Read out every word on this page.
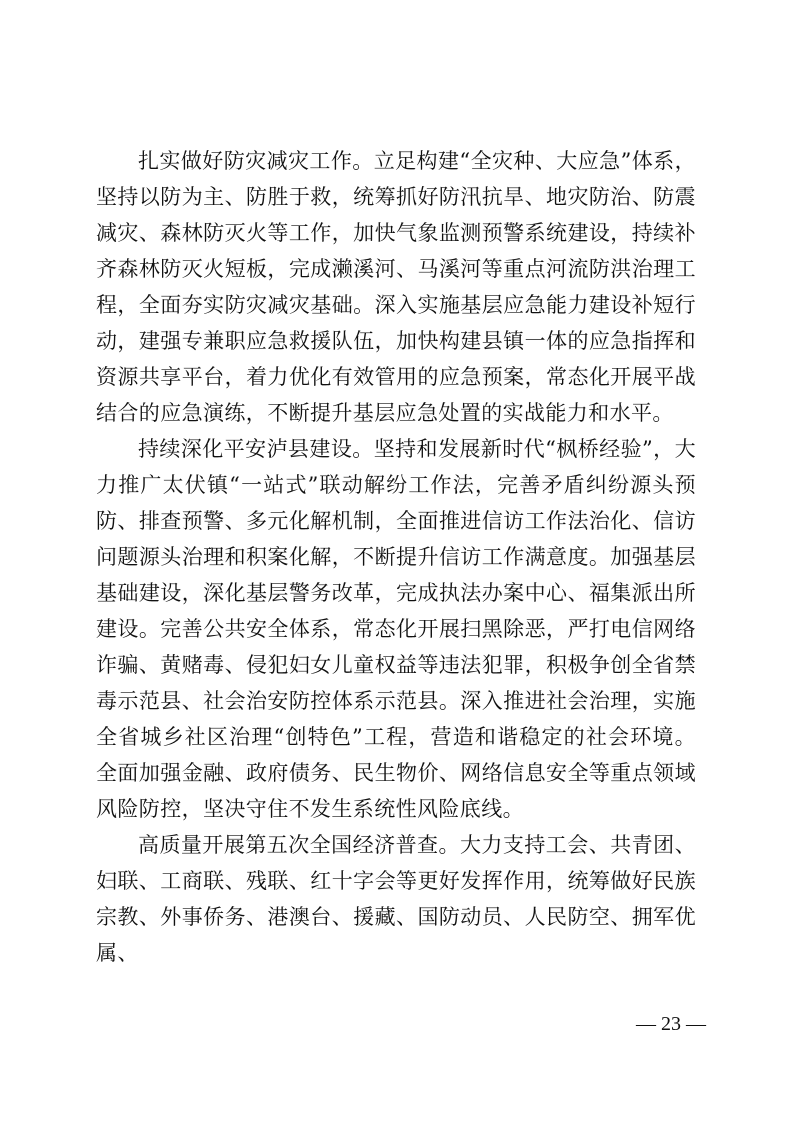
扎实做好防灾减灾工作。立足构建“全灾种、大应急”体系，坚持以防为主、防胜于救，统筹抓好防汛抗旱、地灾防治、防震减灾、森林防灭火等工作，加快气象监测预警系统建设，持续补齐森林防灭火短板，完成濑溪河、马溪河等重点河流防洪治理工程，全面夯实防灾减灾基础。深入实施基层应急能力建设补短行动，建强专兼职应急救援队伍，加快构建县镇一体的应急指挥和资源共享平台，着力优化有效管用的应急预案，常态化开展平战结合的应急演练，不断提升基层应急处置的实战能力和水平。

持续深化平安泸县建设。坚持和发展新时代“枫桥经验”，大力推广太伏镇“一站式”联动解纷工作法，完善矛盾纠纷源头预防、排查预警、多元化解机制，全面推进信访工作法治化、信访问题源头治理和积案化解，不断提升信访工作满意度。加强基层基础建设，深化基层警务改革，完成执法办案中心、福集派出所建设。完善公共安全体系，常态化开展扫黑除恶，严打电信网络诈骗、黄赌毒、侵犯妇女儿童权益等违法犯罪，积极争创全省禁毒示范县、社会治安防控体系示范县。深入推进社会治理，实施全省城乡社区治理“创特色”工程，营造和谐稳定的社会环境。全面加强金融、政府债务、民生物价、网络信息安全等重点领域风险防控，坚决守住不发生系统性风险底线。

高质量开展第五次全国经济普查。大力支持工会、共青团、妇联、工商联、残联、红十字会等更好发挥作用，统筹做好民族宗教、外事侨务、港澳台、援藏、国防动员、人民防空、拥军优属、

— 23 —
